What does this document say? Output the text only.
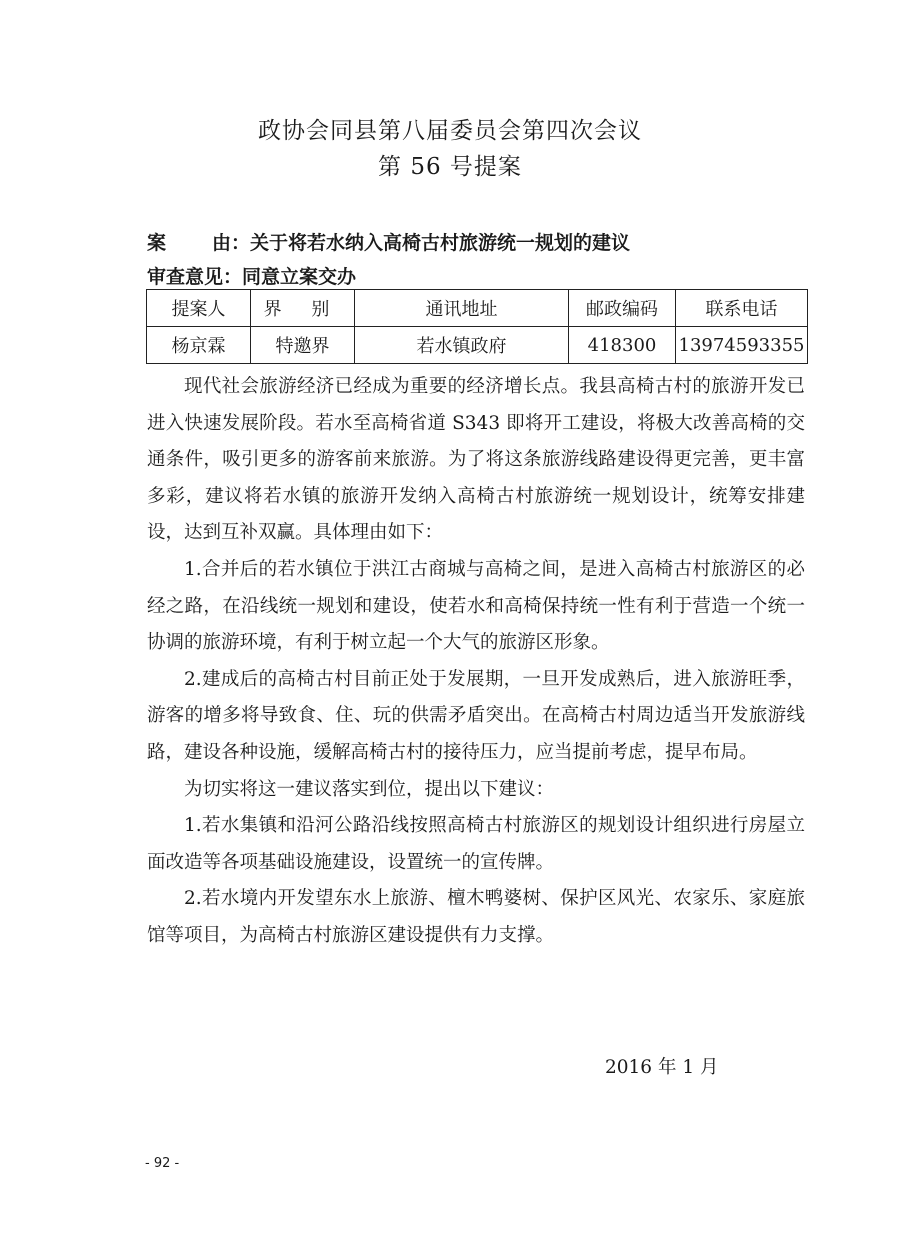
政协会同县第八届委员会第四次会议
第 56 号提案
案 由：关于将若水纳入高椅古村旅游统一规划的建议
审查意见：同意立案交办
提案人	界 别	通讯地址	邮政编码	联系电话
杨京霖	特邀界	若水镇政府	418300	13974593355

现代社会旅游经济已经成为重要的经济增长点。我县高椅古村的旅游开发已进入快速发展阶段。若水至高椅省道 S343 即将开工建设，将极大改善高椅的交通条件，吸引更多的游客前来旅游。为了将这条旅游线路建设得更完善，更丰富多彩，建议将若水镇的旅游开发纳入高椅古村旅游统一规划设计，统筹安排建设，达到互补双赢。具体理由如下：

1.合并后的若水镇位于洪江古商城与高椅之间，是进入高椅古村旅游区的必经之路，在沿线统一规划和建设，使若水和高椅保持统一性有利于营造一个统一协调的旅游环境，有利于树立起一个大气的旅游区形象。

2.建成后的高椅古村目前正处于发展期，一旦开发成熟后，进入旅游旺季，游客的增多将导致食、住、玩的供需矛盾突出。在高椅古村周边适当开发旅游线路，建设各种设施，缓解高椅古村的接待压力，应当提前考虑，提早布局。

为切实将这一建议落实到位，提出以下建议：

1.若水集镇和沿河公路沿线按照高椅古村旅游区的规划设计组织进行房屋立面改造等各项基础设施建设，设置统一的宣传牌。

2.若水境内开发望东水上旅游、檀木鸭婆树、保护区风光、农家乐、家庭旅馆等项目，为高椅古村旅游区建设提供有力支撑。

2016 年 1 月
- 92 -
